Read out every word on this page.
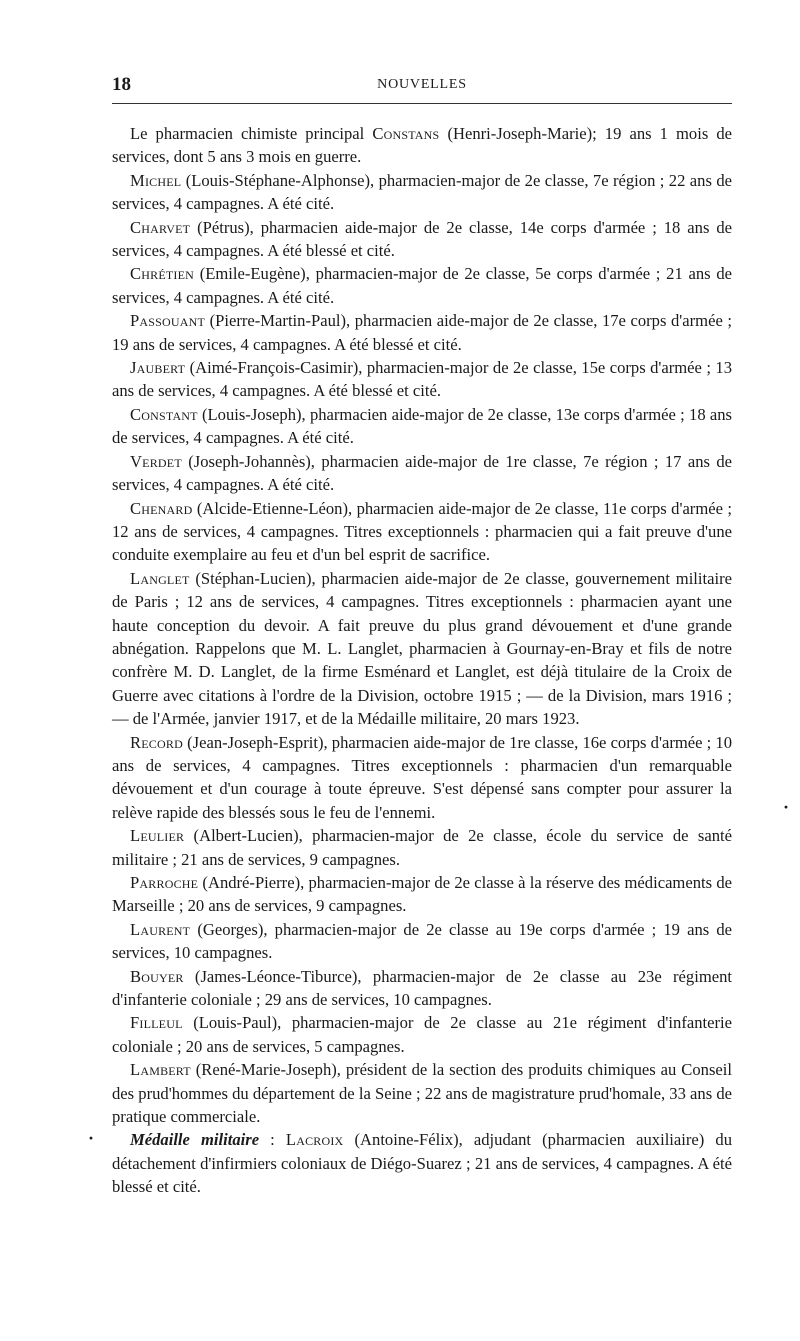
18	NOUVELLES

Le pharmacien chimiste principal Constans (Henri-Joseph-Marie); 19 ans 1 mois de services, dont 5 ans 3 mois en guerre.

Michel (Louis-Stéphane-Alphonse), pharmacien-major de 2e classe, 7e région ; 22 ans de services, 4 campagnes. A été cité.

Charvet (Pétrus), pharmacien aide-major de 2e classe, 14e corps d'armée ; 18 ans de services, 4 campagnes. A été blessé et cité.

Chrétien (Emile-Eugène), pharmacien-major de 2e classe, 5e corps d'armée ; 21 ans de services, 4 campagnes. A été cité.

Passouant (Pierre-Martin-Paul), pharmacien aide-major de 2e classe, 17e corps d'armée ; 19 ans de services, 4 campagnes. A été blessé et cité.

Jaubert (Aimé-François-Casimir), pharmacien-major de 2e classe, 15e corps d'armée ; 13 ans de services, 4 campagnes. A été blessé et cité.

Constant (Louis-Joseph), pharmacien aide-major de 2e classe, 13e corps d'armée ; 18 ans de services, 4 campagnes. A été cité.

Verdet (Joseph-Johannès), pharmacien aide-major de 1re classe, 7e région ; 17 ans de services, 4 campagnes. A été cité.

Chenard (Alcide-Etienne-Léon), pharmacien aide-major de 2e classe, 11e corps d'armée ; 12 ans de services, 4 campagnes. Titres exceptionnels : pharmacien qui a fait preuve d'une conduite exemplaire au feu et d'un bel esprit de sacrifice.

Langlet (Stéphan-Lucien), pharmacien aide-major de 2e classe, gouvernement militaire de Paris ; 12 ans de services, 4 campagnes. Titres exceptionnels : pharmacien ayant une haute conception du devoir. A fait preuve du plus grand dévouement et d'une grande abnégation. Rappelons que M. L. Langlet, pharmacien à Gournay-en-Bray et fils de notre confrère M. D. Langlet, de la firme Esménard et Langlet, est déjà titulaire de la Croix de Guerre avec citations à l'ordre de la Division, octobre 1915 ; — de la Division, mars 1916 ; — de l'Armée, janvier 1917, et de la Médaille militaire, 20 mars 1923.

Record (Jean-Joseph-Esprit), pharmacien aide-major de 1re classe, 16e corps d'armée ; 10 ans de services, 4 campagnes. Titres exceptionnels : pharmacien d'un remarquable dévouement et d'un courage à toute épreuve. S'est dépensé sans compter pour assurer la relève rapide des blessés sous le feu de l'ennemi.

Leulier (Albert-Lucien), pharmacien-major de 2e classe, école du service de santé militaire ; 21 ans de services, 9 campagnes.

Parroche (André-Pierre), pharmacien-major de 2e classe à la réserve des médicaments de Marseille ; 20 ans de services, 9 campagnes.

Laurent (Georges), pharmacien-major de 2e classe au 19e corps d'armée ; 19 ans de services, 10 campagnes.

Bouyer (James-Léonce-Tiburce), pharmacien-major de 2e classe au 23e régiment d'infanterie coloniale ; 29 ans de services, 10 campagnes.

Filleul (Louis-Paul), pharmacien-major de 2e classe au 21e régiment d'infanterie coloniale ; 20 ans de services, 5 campagnes.

Lambert (René-Marie-Joseph), président de la section des produits chimiques au Conseil des prud'hommes du département de la Seine ; 22 ans de magistrature prud'homale, 33 ans de pratique commerciale.

Médaille militaire : Lacroix (Antoine-Félix), adjudant (pharmacien auxiliaire) du détachement d'infirmiers coloniaux de Diégo-Suarez ; 21 ans de services, 4 campagnes. A été blessé et cité.

·
·
